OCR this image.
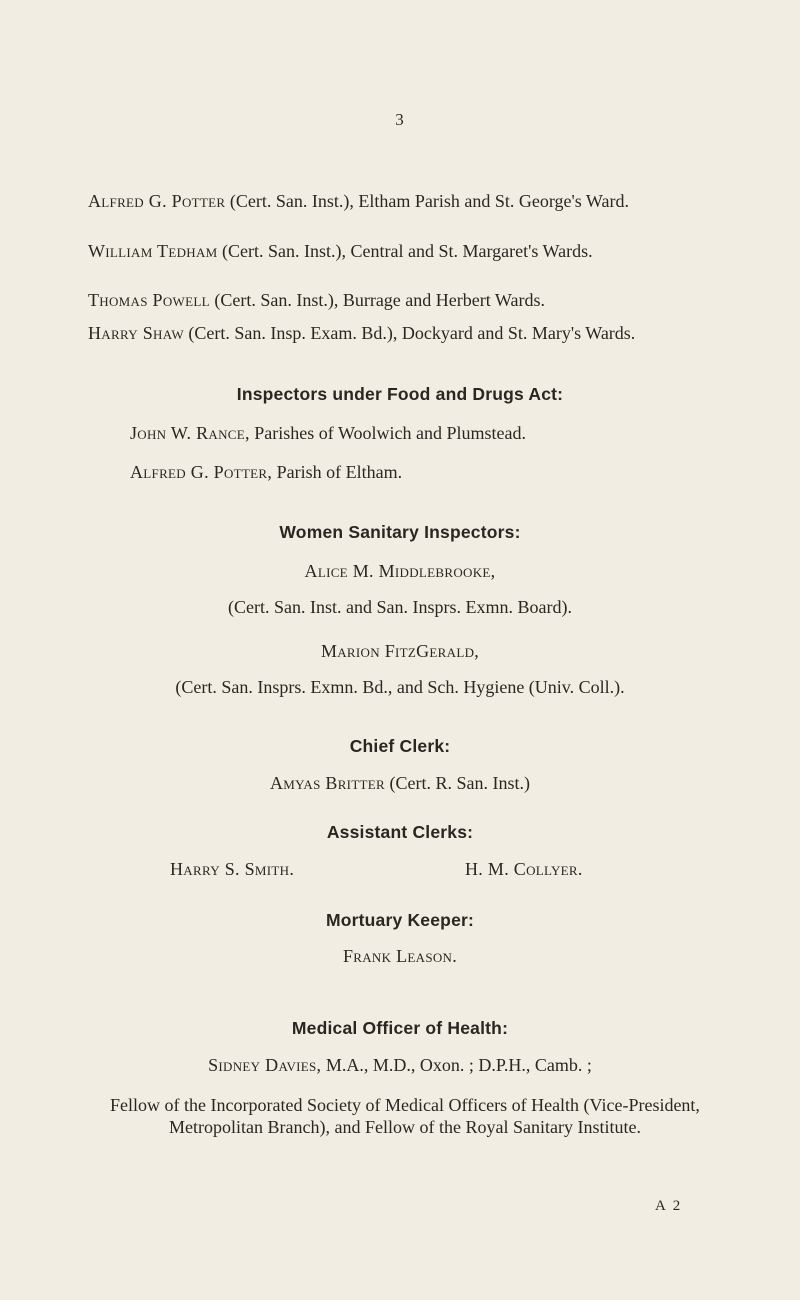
3
Alfred G. Potter (Cert. San. Inst.), Eltham Parish and St. George's Ward.
William Tedham (Cert. San. Inst.), Central and St. Margaret's Wards.
Thomas Powell (Cert. San. Inst.), Burrage and Herbert Wards.
Harry Shaw (Cert. San. Insp. Exam. Bd.), Dockyard and St. Mary's Wards.
Inspectors under Food and Drugs Act:
John W. Rance, Parishes of Woolwich and Plumstead.
Alfred G. Potter, Parish of Eltham.
Women Sanitary Inspectors:
Alice M. Middlebrooke,
(Cert. San. Inst. and San. Insprs. Exmn. Board).
Marion FitzGerald,
(Cert. San. Insprs. Exmn. Bd., and Sch. Hygiene (Univ. Coll.).
Chief Clerk:
Amyas Britter (Cert. R. San. Inst.)
Assistant Clerks:
Harry S. Smith.	H. M. Collyer.
Mortuary Keeper:
Frank Leason.
Medical Officer of Health:
Sidney Davies, M.A., M.D., Oxon. ; D.P.H., Camb. ;
Fellow of the Incorporated Society of Medical Officers of Health (Vice-President, Metropolitan Branch), and Fellow of the Royal Sanitary Institute.
A 2
